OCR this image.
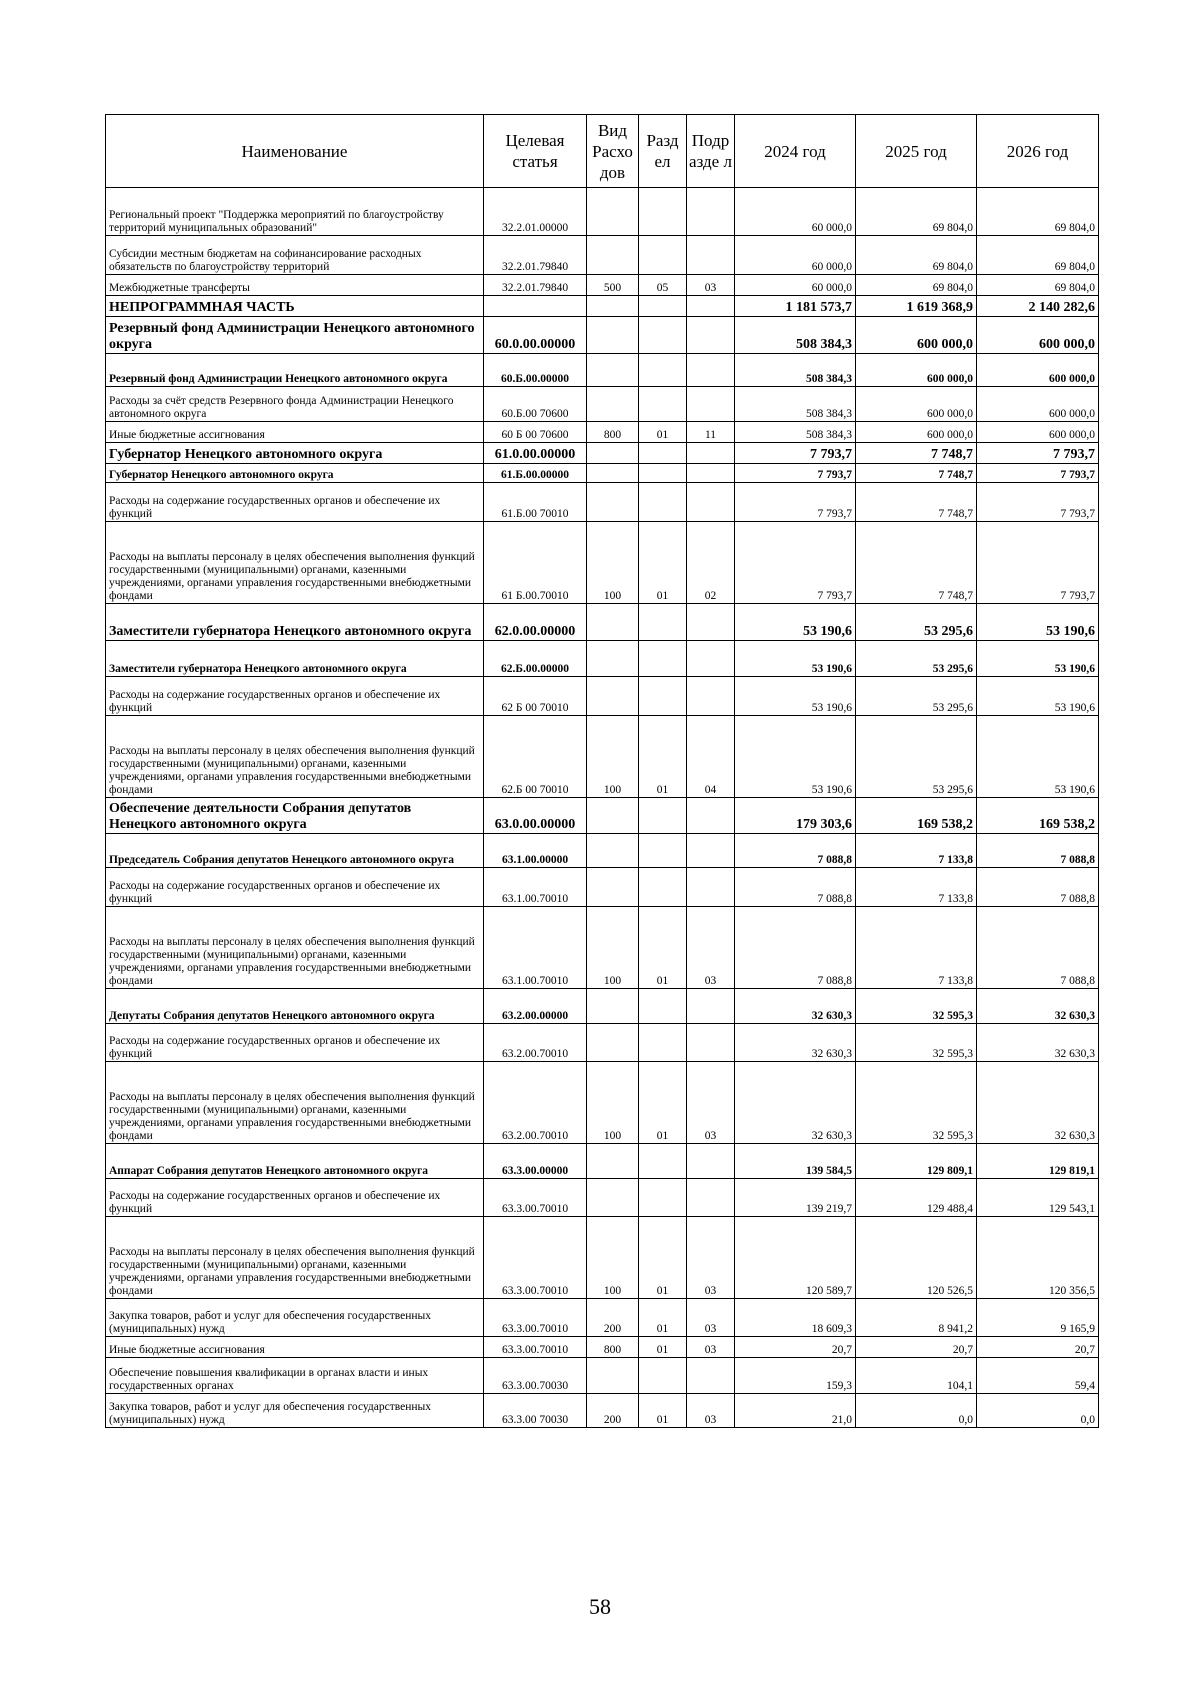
Наименование	Целевая статья	Вид Расхо дов	Разд ел	Подр азде л	2024 год	2025 год	2026 год
Региональный проект "Поддержка мероприятий по благоустройству территорий муниципальных образований"	32.2.01.00000				60 000,0	69 804,0	69 804,0
Субсидии местным бюджетам на софинансирование расходных обязательств по благоустройству территорий	32.2.01.79840				60 000,0	69 804,0	69 804,0
Межбюджетные трансферты	32.2.01.79840	500	05	03	60 000,0	69 804,0	69 804,0
НЕПРОГРАММНАЯ ЧАСТЬ					1 181 573,7	1 619 368,9	2 140 282,6
Резервный фонд Администрации Ненецкого автономного округа	60.0.00.00000				508 384,3	600 000,0	600 000,0
Резервный фонд Администрации Ненецкого автономного округа	60.Б.00.00000				508 384,3	600 000,0	600 000,0
Расходы за счёт средств Резервного фонда Администрации Ненецкого автономного округа	60.Б.00 70600				508 384,3	600 000,0	600 000,0
Иные бюджетные ассигнования	60 Б 00 70600	800	01	11	508 384,3	600 000,0	600 000,0
Губернатор Ненецкого автономного округа	61.0.00.00000				7 793,7	7 748,7	7 793,7
Губернатор Ненецкого автономного округа	61.Б.00.00000				7 793,7	7 748,7	7 793,7
Расходы на содержание государственных органов и обеспечение их функций	61.Б.00 70010				7 793,7	7 748,7	7 793,7
Расходы на выплаты персоналу в целях обеспечения выполнения функций государственными (муниципальными) органами, казенными учреждениями, органами управления государственными внебюджетными фондами	61 Б.00.70010	100	01	02	7 793,7	7 748,7	7 793,7
Заместители губернатора Ненецкого автономного округа	62.0.00.00000				53 190,6	53 295,6	53 190,6
Заместители губернатора Ненецкого автономного округа	62.Б.00.00000				53 190,6	53 295,6	53 190,6
Расходы на содержание государственных органов и обеспечение их функций	62 Б 00 70010				53 190,6	53 295,6	53 190,6
Расходы на выплаты персоналу в целях обеспечения выполнения функций государственными (муниципальными) органами, казенными учреждениями, органами управления государственными внебюджетными фондами	62.Б 00 70010	100	01	04	53 190,6	53 295,6	53 190,6
Обеспечение деятельности Собрания депутатов Ненецкого автономного округа	63.0.00.00000				179 303,6	169 538,2	169 538,2
Председатель Собрания депутатов Ненецкого автономного округа	63.1.00.00000				7 088,8	7 133,8	7 088,8
Расходы на содержание государственных органов и обеспечение их функций	63.1.00.70010				7 088,8	7 133,8	7 088,8
Расходы на выплаты персоналу в целях обеспечения выполнения функций государственными (муниципальными) органами, казенными учреждениями, органами управления государственными внебюджетными фондами	63.1.00.70010	100	01	03	7 088,8	7 133,8	7 088,8
Депутаты Собрания депутатов Ненецкого автономного округа	63.2.00.00000				32 630,3	32 595,3	32 630,3
Расходы на содержание государственных органов и обеспечение их функций	63.2.00.70010				32 630,3	32 595,3	32 630,3
Расходы на выплаты персоналу в целях обеспечения выполнения функций государственными (муниципальными) органами, казенными учреждениями, органами управления государственными внебюджетными фондами	63.2.00.70010	100	01	03	32 630,3	32 595,3	32 630,3
Аппарат Собрания депутатов Ненецкого автономного округа	63.3.00.00000				139 584,5	129 809,1	129 819,1
Расходы на содержание государственных органов и обеспечение их функций	63.3.00.70010				139 219,7	129 488,4	129 543,1
Расходы на выплаты персоналу в целях обеспечения выполнения функций государственными (муниципальными) органами, казенными учреждениями, органами управления государственными внебюджетными фондами	63.3.00.70010	100	01	03	120 589,7	120 526,5	120 356,5
Закупка товаров, работ и услуг для обеспечения государственных (муниципальных) нужд	63.3.00.70010	200	01	03	18 609,3	8 941,2	9 165,9
Иные бюджетные ассигнования	63.3.00.70010	800	01	03	20,7	20,7	20,7
Обеспечение повышения квалификации в органах власти и иных государственных органах	63.3.00.70030				159,3	104,1	59,4
Закупка товаров, работ и услуг для обеспечения государственных (муниципальных) нужд	63.3.00 70030	200	01	03	21,0	0,0	0,0
58
